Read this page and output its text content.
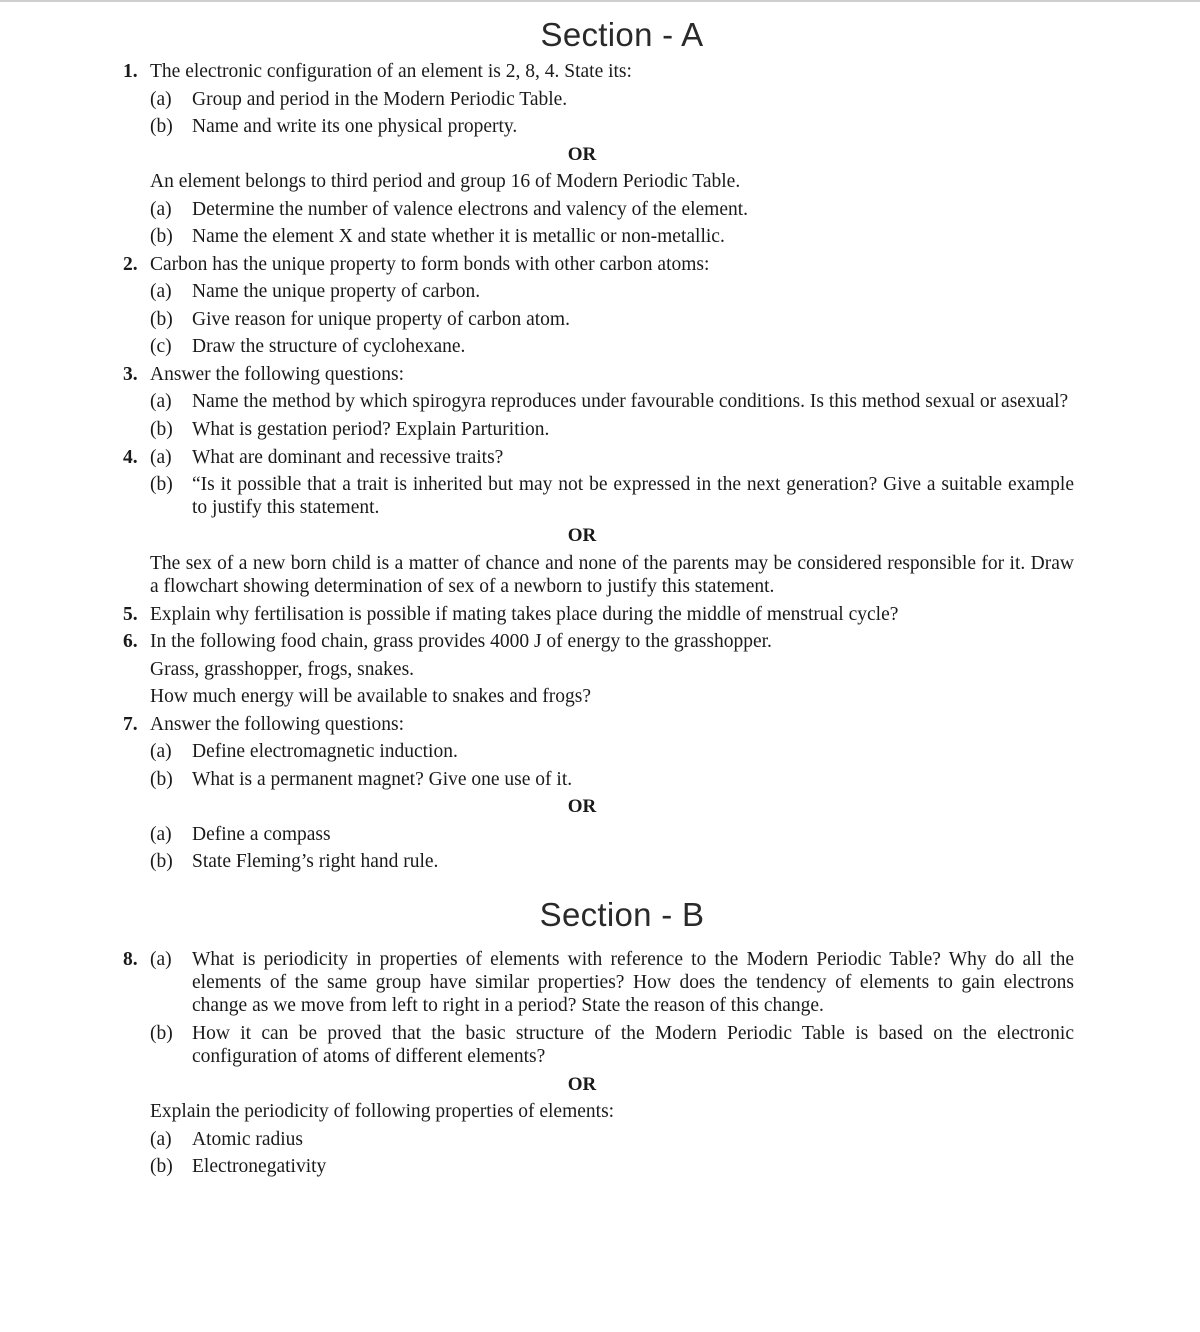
Section - A
1. The electronic configuration of an element is 2, 8, 4. State its:
(a) Group and period in the Modern Periodic Table.
(b) Name and write its one physical property.
OR
An element belongs to third period and group 16 of Modern Periodic Table.
(a) Determine the number of valence electrons and valency of the element.
(b) Name the element X and state whether it is metallic or non-metallic.
2. Carbon has the unique property to form bonds with other carbon atoms:
(a) Name the unique property of carbon.
(b) Give reason for unique property of carbon atom.
(c) Draw the structure of cyclohexane.
3. Answer the following questions:
(a) Name the method by which spirogyra reproduces under favourable conditions. Is this method sexual or asexual?
(b) What is gestation period? Explain Parturition.
4. (a) What are dominant and recessive traits?
(b) “Is it possible that a trait is inherited but may not be expressed in the next generation? Give a suitable example to justify this statement.
OR
The sex of a new born child is a matter of chance and none of the parents may be considered responsible for it. Draw a flowchart showing determination of sex of a newborn to justify this statement.
5. Explain why fertilisation is possible if mating takes place during the middle of menstrual cycle?
6. In the following food chain, grass provides 4000 J of energy to the grasshopper.
Grass, grasshopper, frogs, snakes.
How much energy will be available to snakes and frogs?
7. Answer the following questions:
(a) Define electromagnetic induction.
(b) What is a permanent magnet? Give one use of it.
OR
(a) Define a compass
(b) State Fleming’s right hand rule.
Section - B
8. (a) What is periodicity in properties of elements with reference to the Modern Periodic Table? Why do all the elements of the same group have similar properties? How does the tendency of elements to gain electrons change as we move from left to right in a period? State the reason of this change.
(b) How it can be proved that the basic structure of the Modern Periodic Table is based on the electronic configuration of atoms of different elements?
OR
Explain the periodicity of following properties of elements:
(a) Atomic radius
(b) Electronegativity
